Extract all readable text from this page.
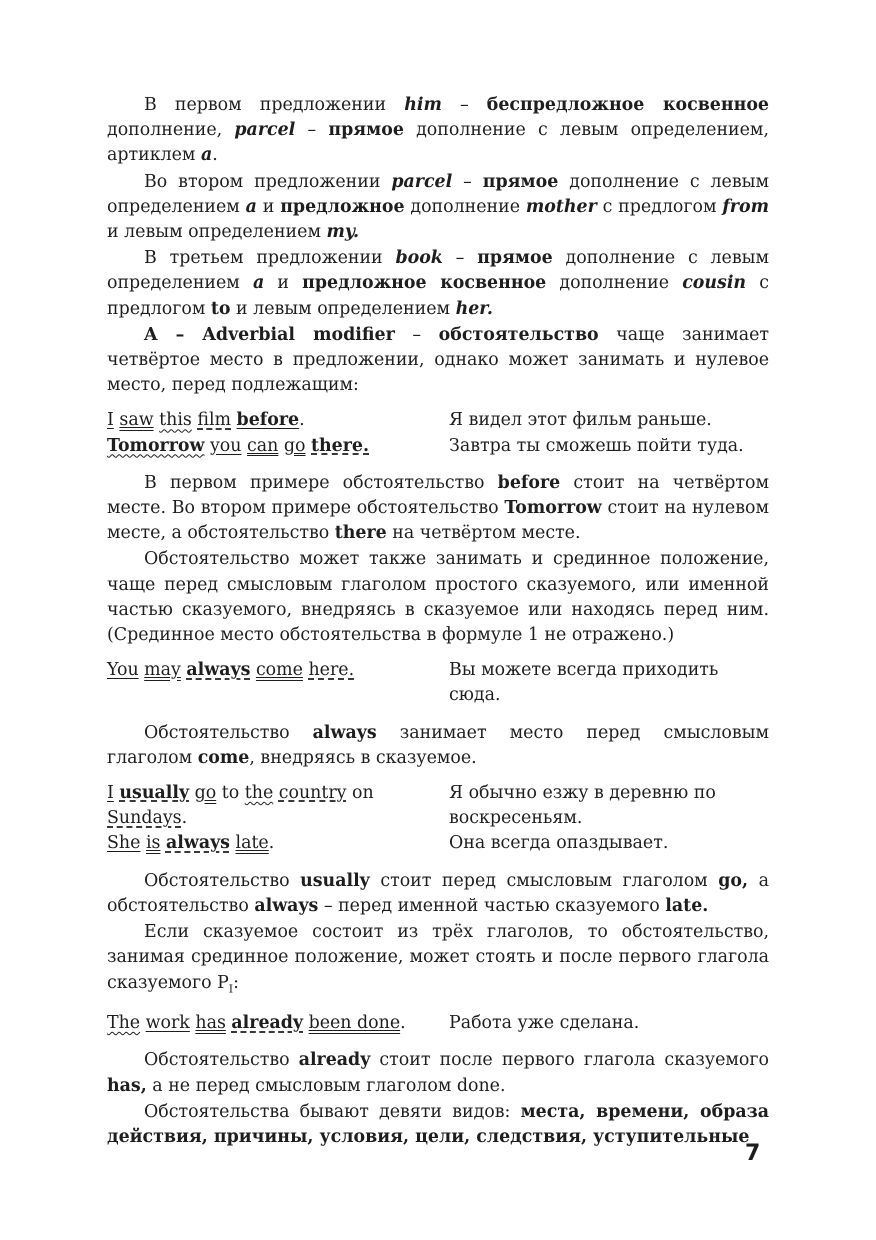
В первом предложении him – беспредложное косвенное дополнение, parcel – прямое дополнение с левым определением, артиклем a.

Во втором предложении parcel – прямое дополнение с левым определением a и предложное дополнение mother с предлогом from и левым определением my.

В третьем предложении book – прямое дополнение с левым определением a и предложное косвенное дополнение cousin с предлогом to и левым определением her.

A – Adverbial modifier – обстоятельство чаще занимает четвёртое место в предложении, однако может занимать и нулевое место, перед подлежащим:

I saw this film before.
Tomorrow you can go there.
Я видел этот фильм раньше.
Завтра ты сможешь пойти туда.

В первом примере обстоятельство before стоит на четвёртом месте. Во втором примере обстоятельство Tomorrow стоит на нулевом месте, а обстоятельство there на четвёртом месте.

Обстоятельство может также занимать и срединное положение, чаще перед смысловым глаголом простого сказуемого, или именной частью сказуемого, внедряясь в сказуемое или находясь перед ним. (Срединное место обстоятельства в формуле 1 не отражено.)

You may always come here.	Вы можете всегда приходить сюда.

Обстоятельство always занимает место перед смысловым глаголом come, внедряясь в сказуемое.

I usually go to the country on Sundays.
She is always late.
Я обычно езжу в деревню по воскресеньям.
Она всегда опаздывает.

Обстоятельство usually стоит перед смысловым глаголом go, а обстоятельство always – перед именной частью сказуемого late.

Если сказуемое состоит из трёх глаголов, то обстоятельство, занимая срединное положение, может стоять и после первого глагола сказуемого $P_I$:

The work has already been done.	Работа уже сделана.

Обстоятельство already стоит после первого глагола сказуемого has, а не перед смысловым глаголом done.

Обстоятельства бывают девяти видов: места, времени, образа действия, причины, условия, цели, следствия, уступительные

7
